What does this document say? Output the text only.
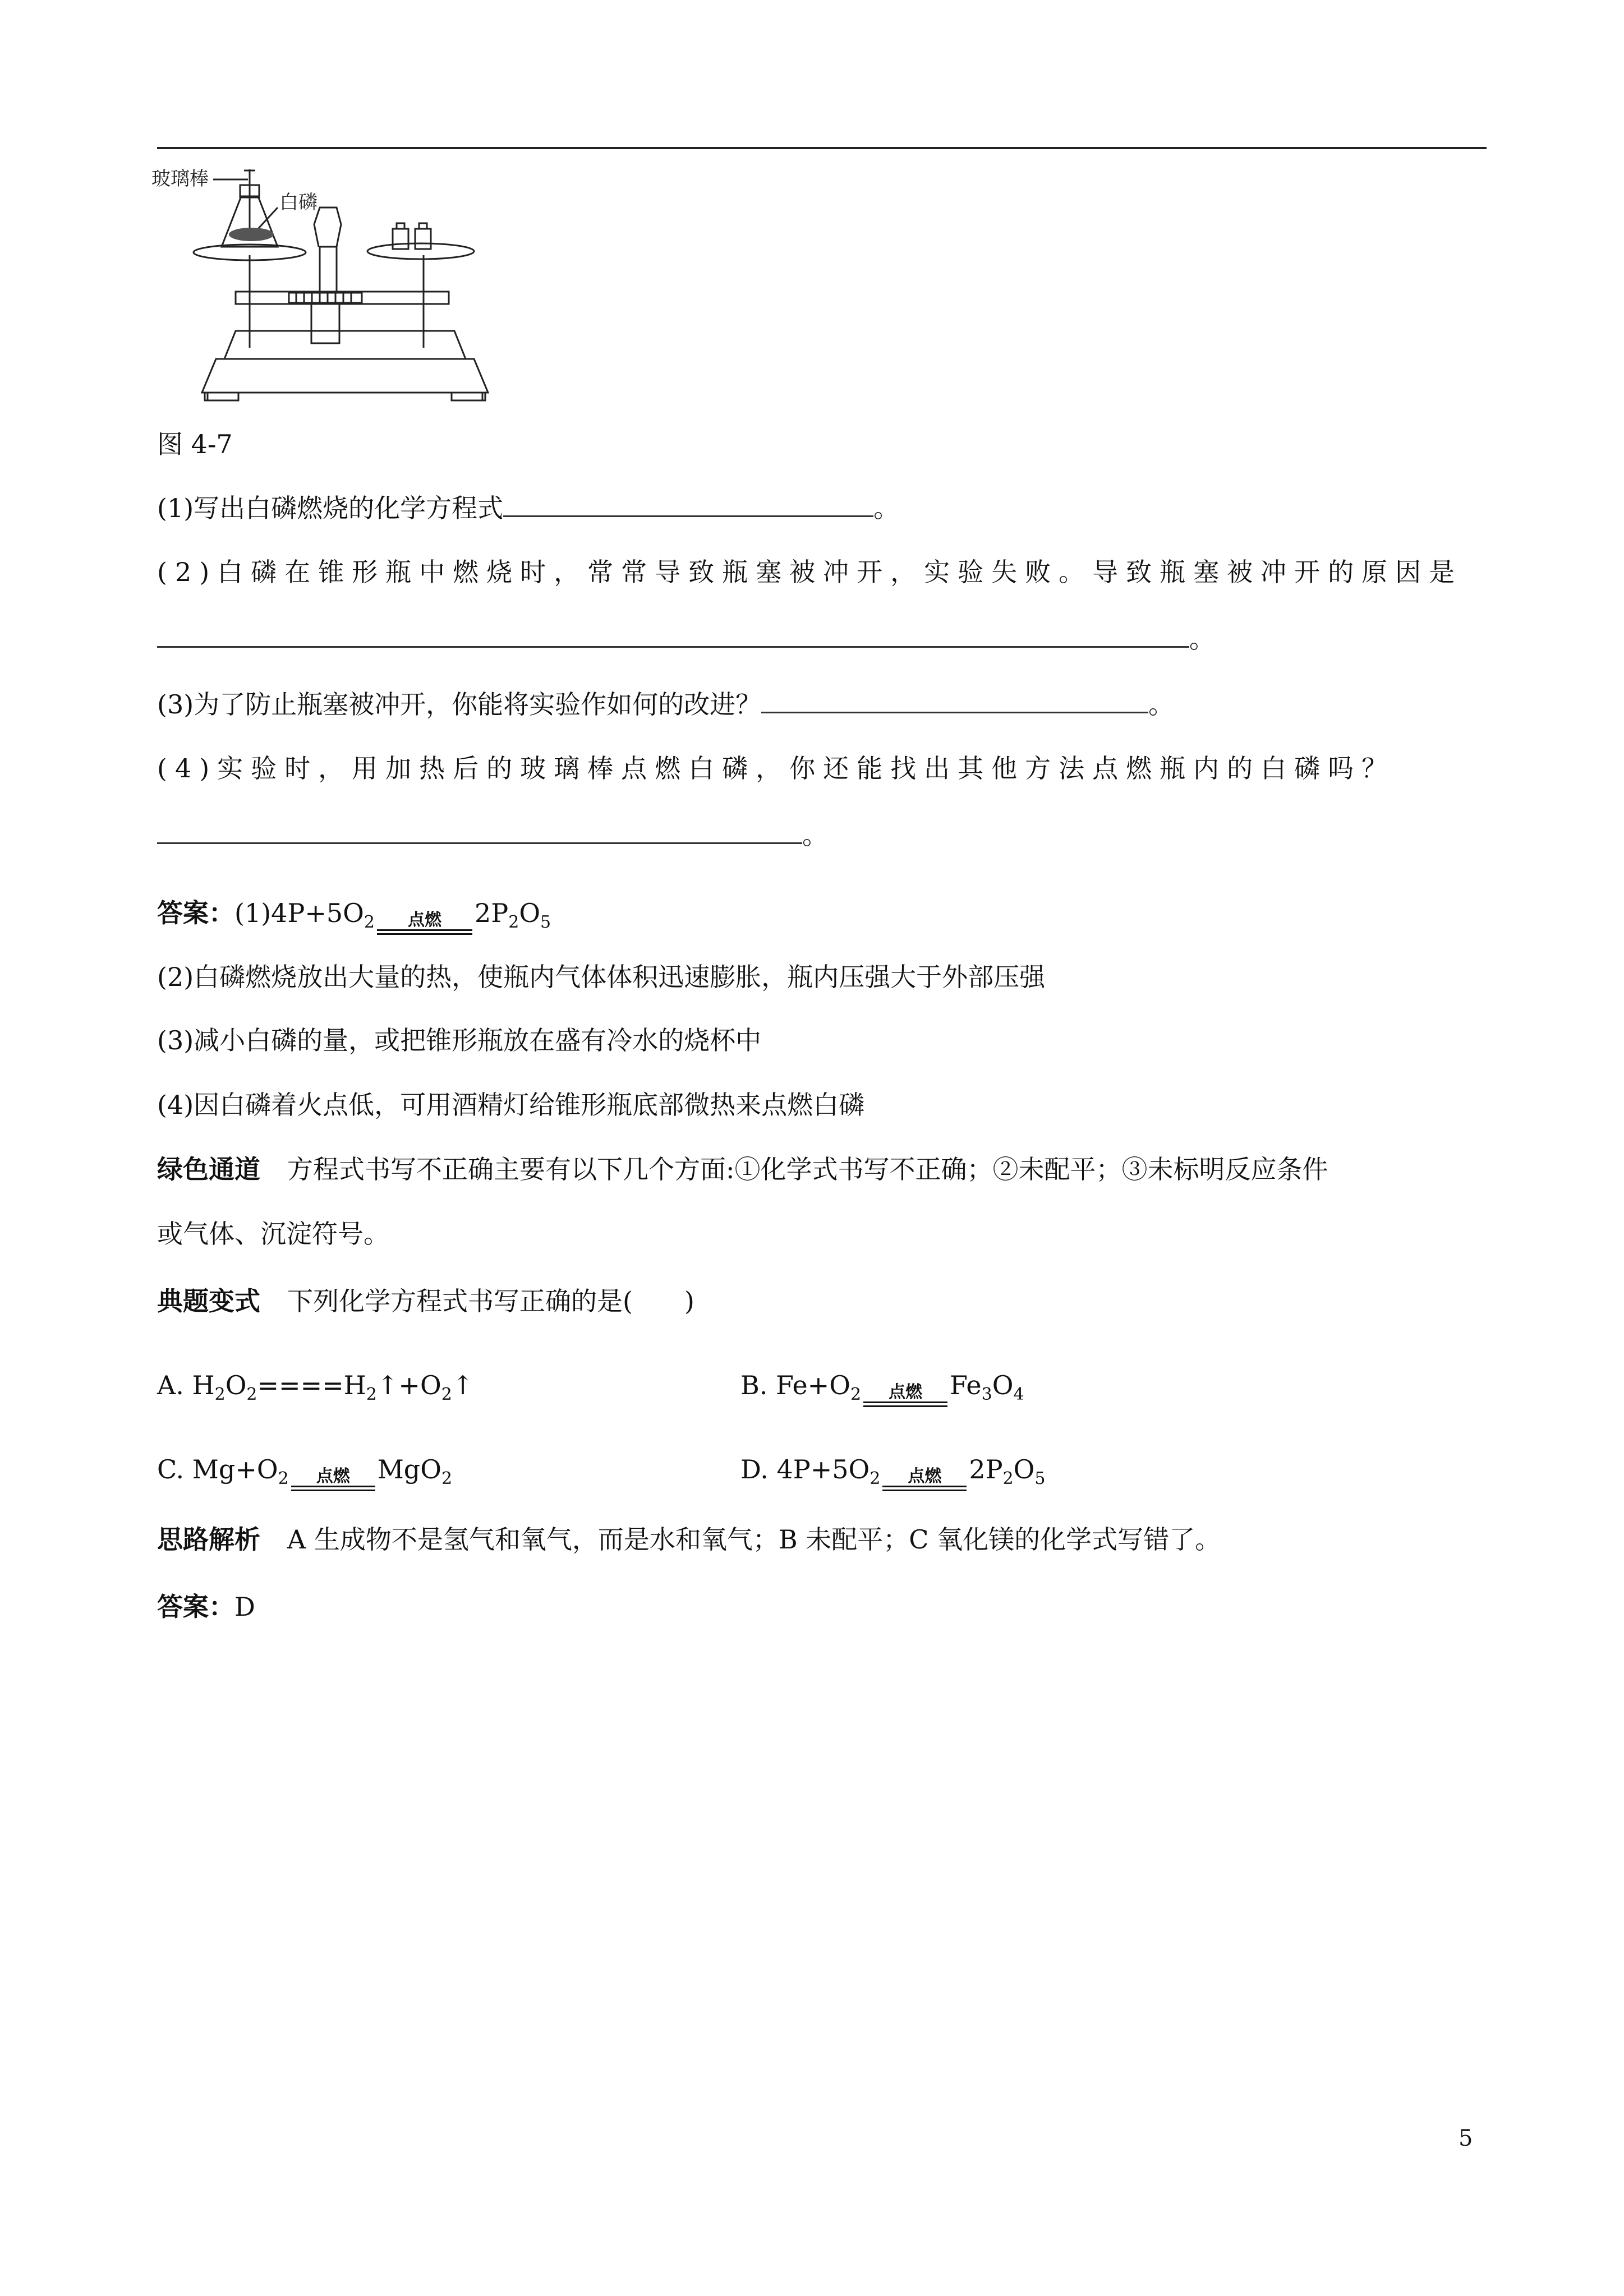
玻璃棒
白磷
图 4-7
(1)写出白磷燃烧的化学方程式	。
(2)白磷在锥形瓶中燃烧时，常常导致瓶塞被冲开，实验失败。导致瓶塞被冲开的原因是
。
(3)为了防止瓶塞被冲开，你能将实验作如何的改进？	。
(4)实验时，用加热后的玻璃棒点燃白磷，你还能找出其他方法点燃瓶内的白磷吗？
。
答案：$(1)4P+5O_2$ 点燃 $2P_2O_5$
(2)白磷燃烧放出大量的热，使瓶内气体体积迅速膨胀，瓶内压强大于外部压强
(3)减小白磷的量，或把锥形瓶放在盛有冷水的烧杯中
(4)因白磷着火点低，可用酒精灯给锥形瓶底部微热来点燃白磷
绿色通道 方程式书写不正确主要有以下几个方面:①化学式书写不正确；②未配平；③未标明反应条件
或气体、沉淀符号。
典题变式 下列化学方程式书写正确的是(　　)
A. $H_2O_2====H_2↑+O_2↑$	B. $Fe+O_2$ 点燃 $Fe_3O_4$
C. $Mg+O_2$ 点燃 MgO$_2$	D. $4P+5O_2$ 点燃 $2P_2O_5$
思路解析 A 生成物不是氢气和氧气，而是水和氧气；B 未配平；C 氧化镁的化学式写错了。
答案：D
5
